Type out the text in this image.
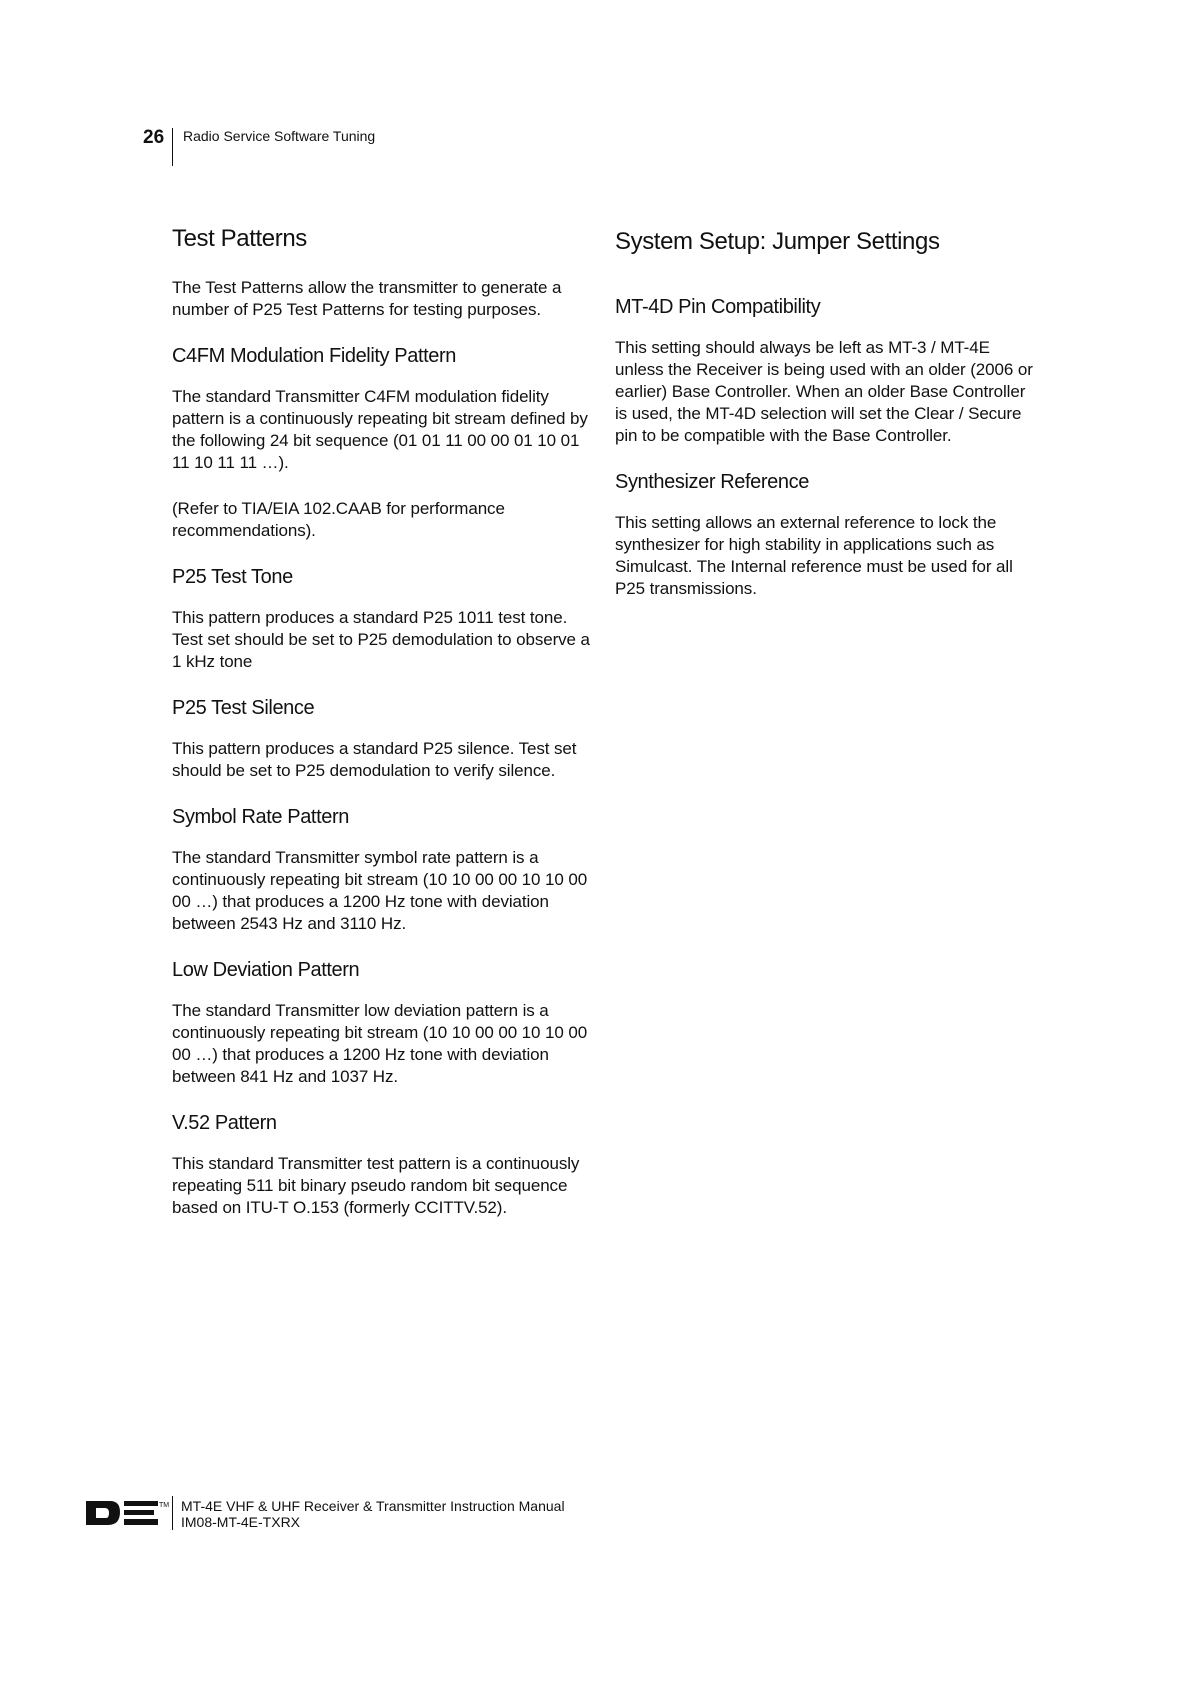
26 Radio Service Software Tuning
Test Patterns

The Test Patterns allow the transmitter to generate a number of P25 Test Patterns for testing purposes.

C4FM Modulation Fidelity Pattern

The standard Transmitter C4FM modulation fidelity pattern is a continuously repeating bit stream defined by the following 24 bit sequence (01 01 11 00 00 01 10 01 11 10 11 11 …).

(Refer to TIA/EIA 102.CAAB for performance recommendations).

P25 Test Tone

This pattern produces a standard P25 1011 test tone. Test set should be set to P25 demodulation to observe a 1 kHz tone

P25 Test Silence

This pattern produces a standard P25 silence. Test set should be set to P25 demodulation to verify silence.

Symbol Rate Pattern

The standard Transmitter symbol rate pattern is a continuously repeating bit stream (10 10 00 00 10 10 00 00 …) that produces a 1200 Hz tone with deviation between 2543 Hz and 3110 Hz.

Low Deviation Pattern

The standard Transmitter low deviation pattern is a continuously repeating bit stream (10 10 00 00 10 10 00 00 …) that produces a 1200 Hz tone with deviation between 841 Hz and 1037 Hz.

V.52 Pattern

This standard Transmitter test pattern is a continuously repeating 511 bit binary pseudo random bit sequence based on ITU-T O.153 (formerly CCITTV.52).

System Setup: Jumper Settings
MT-4D Pin Compatibility

This setting should always be left as MT-3 / MT-4E unless the Receiver is being used with an older (2006 or earlier) Base Controller. When an older Base Controller is used, the MT-4D selection will set the Clear / Secure pin to be compatible with the Base Controller.

Synthesizer Reference

This setting allows an external reference to lock the synthesizer for high stability in applications such as Simulcast. The Internal reference must be used for all P25 transmissions.

TM MT-4E VHF & UHF Receiver & Transmitter Instruction Manual
IM08-MT-4E-TXRX
